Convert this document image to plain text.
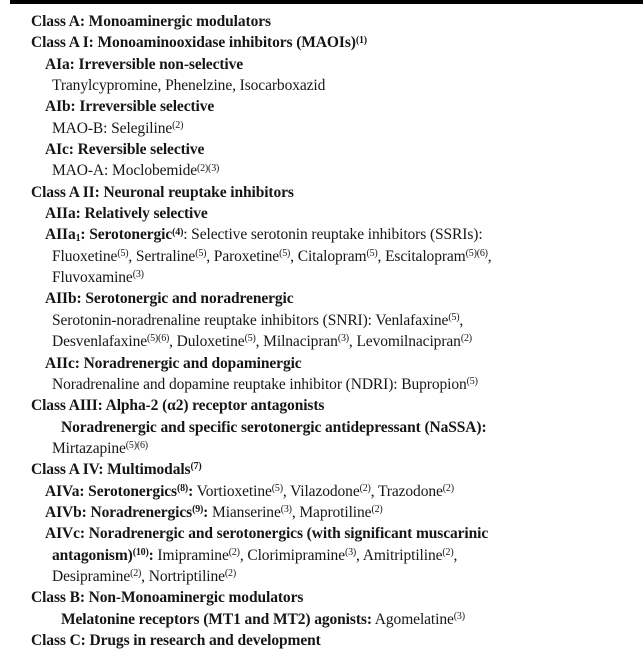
Class A: Monoaminergic modulators
Class A I: Monoaminooxidase inhibitors (MAOIs)$^{(1)}$
AIa: Irreversible non-selective
Tranylcypromine, Phenelzine, Isocarboxazid
AIb: Irreversible selective
MAO-B: Selegiline$^{(2)}$
AIc: Reversible selective
MAO-A: Moclobemide$^{(2)(3)}$
Class A II: Neuronal reuptake inhibitors
AIIa: Relatively selective
AIIa$_1$: Serotonergic$^{(4)}$: Selective serotonin reuptake inhibitors (SSRIs):
Fluoxetine$^{(5)}$, Sertraline$^{(5)}$, Paroxetine$^{(5)}$, Citalopram$^{(5)}$, Escitalopram$^{(5)(6)}$,
Fluvoxamine$^{(3)}$
AIIb: Serotonergic and noradrenergic
Serotonin-noradrenaline reuptake inhibitors (SNRI): Venlafaxine$^{(5)}$,
Desvenlafaxine$^{(5)(6)}$, Duloxetine$^{(5)}$, Milnacipran$^{(3)}$, Levomilnacipran$^{(2)}$
AIIc: Noradrenergic and dopaminergic
Noradrenaline and dopamine reuptake inhibitor (NDRI): Bupropion$^{(5)}$
Class AIII: Alpha-2 (α2) receptor antagonists
Noradrenergic and specific serotonergic antidepressant (NaSSA):
Mirtazapine$^{(5)(6)}$
Class A IV: Multimodals$^{(7)}$
AIVa: Serotonergics$^{(8)}$: Vortioxetine$^{(5)}$, Vilazodone$^{(2)}$, Trazodone$^{(2)}$
AIVb: Noradrenergics$^{(9)}$: Mianserine$^{(3)}$, Maprotiline$^{(2)}$
AIVc: Noradrenergic and serotonergics (with significant muscarinic
antagonism)$^{(10)}$: Imipramine$^{(2)}$, Clorimipramine$^{(3)}$, Amitriptiline$^{(2)}$,
Desipramine$^{(2)}$, Nortriptiline$^{(2)}$
Class B: Non-Monoaminergic modulators
Melatonine receptors (MT1 and MT2) agonists: Agomelatine$^{(3)}$
Class C: Drugs in research and development
